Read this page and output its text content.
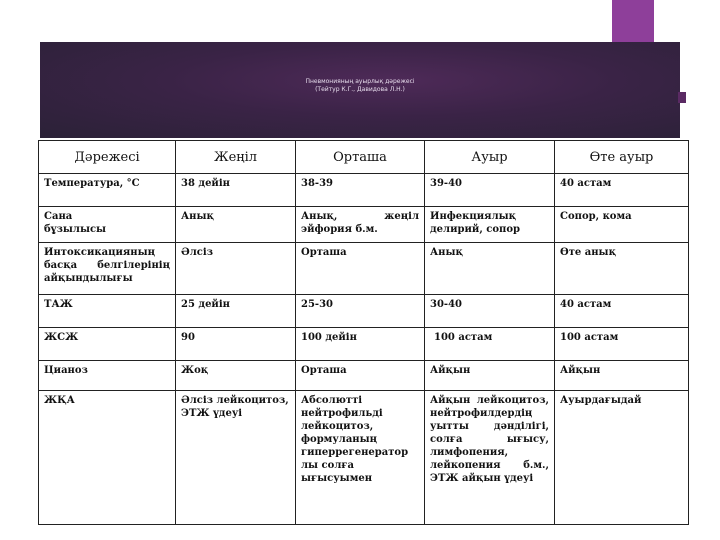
Пневмонияның ауырлық дәрежесі
(Тейтур К.Г., Давидова Л.Н.)
Дәрежесі	Жеңіл	Орташа	Ауыр	Өте ауыр
Температура, °С	38 дейін	38-39	39-40	40 астам
Сана бұзылысы	Анық	Анық, жеңіл эйфория б.м.	Инфекциялық делирий, сопор	Сопор, кома
Интоксикацияның басқа белгілерінің айқындылығы	Әлсіз	Орташа	Анық	Өте анық
ТАЖ	25 дейін	25-30	30-40	40 астам
ЖСЖ	90	100 дейін	100 астам	100 астам
Цианоз	Жоқ	Орташа	Айқын	Айқын
ЖҚА	Әлсіз лейкоцитоз, ЭТЖ үдеуі	Абсолютті нейтрофильді лейкоцитоз, формуланың гиперрегенератор лы солға ығысуымен	Айқын лейкоцитоз, нейтрофилдердің уытты дәнділігі, солға ығысу, лимфопения, лейкопения б.м., ЭТЖ айқын үдеуі	Ауырдағыдай
